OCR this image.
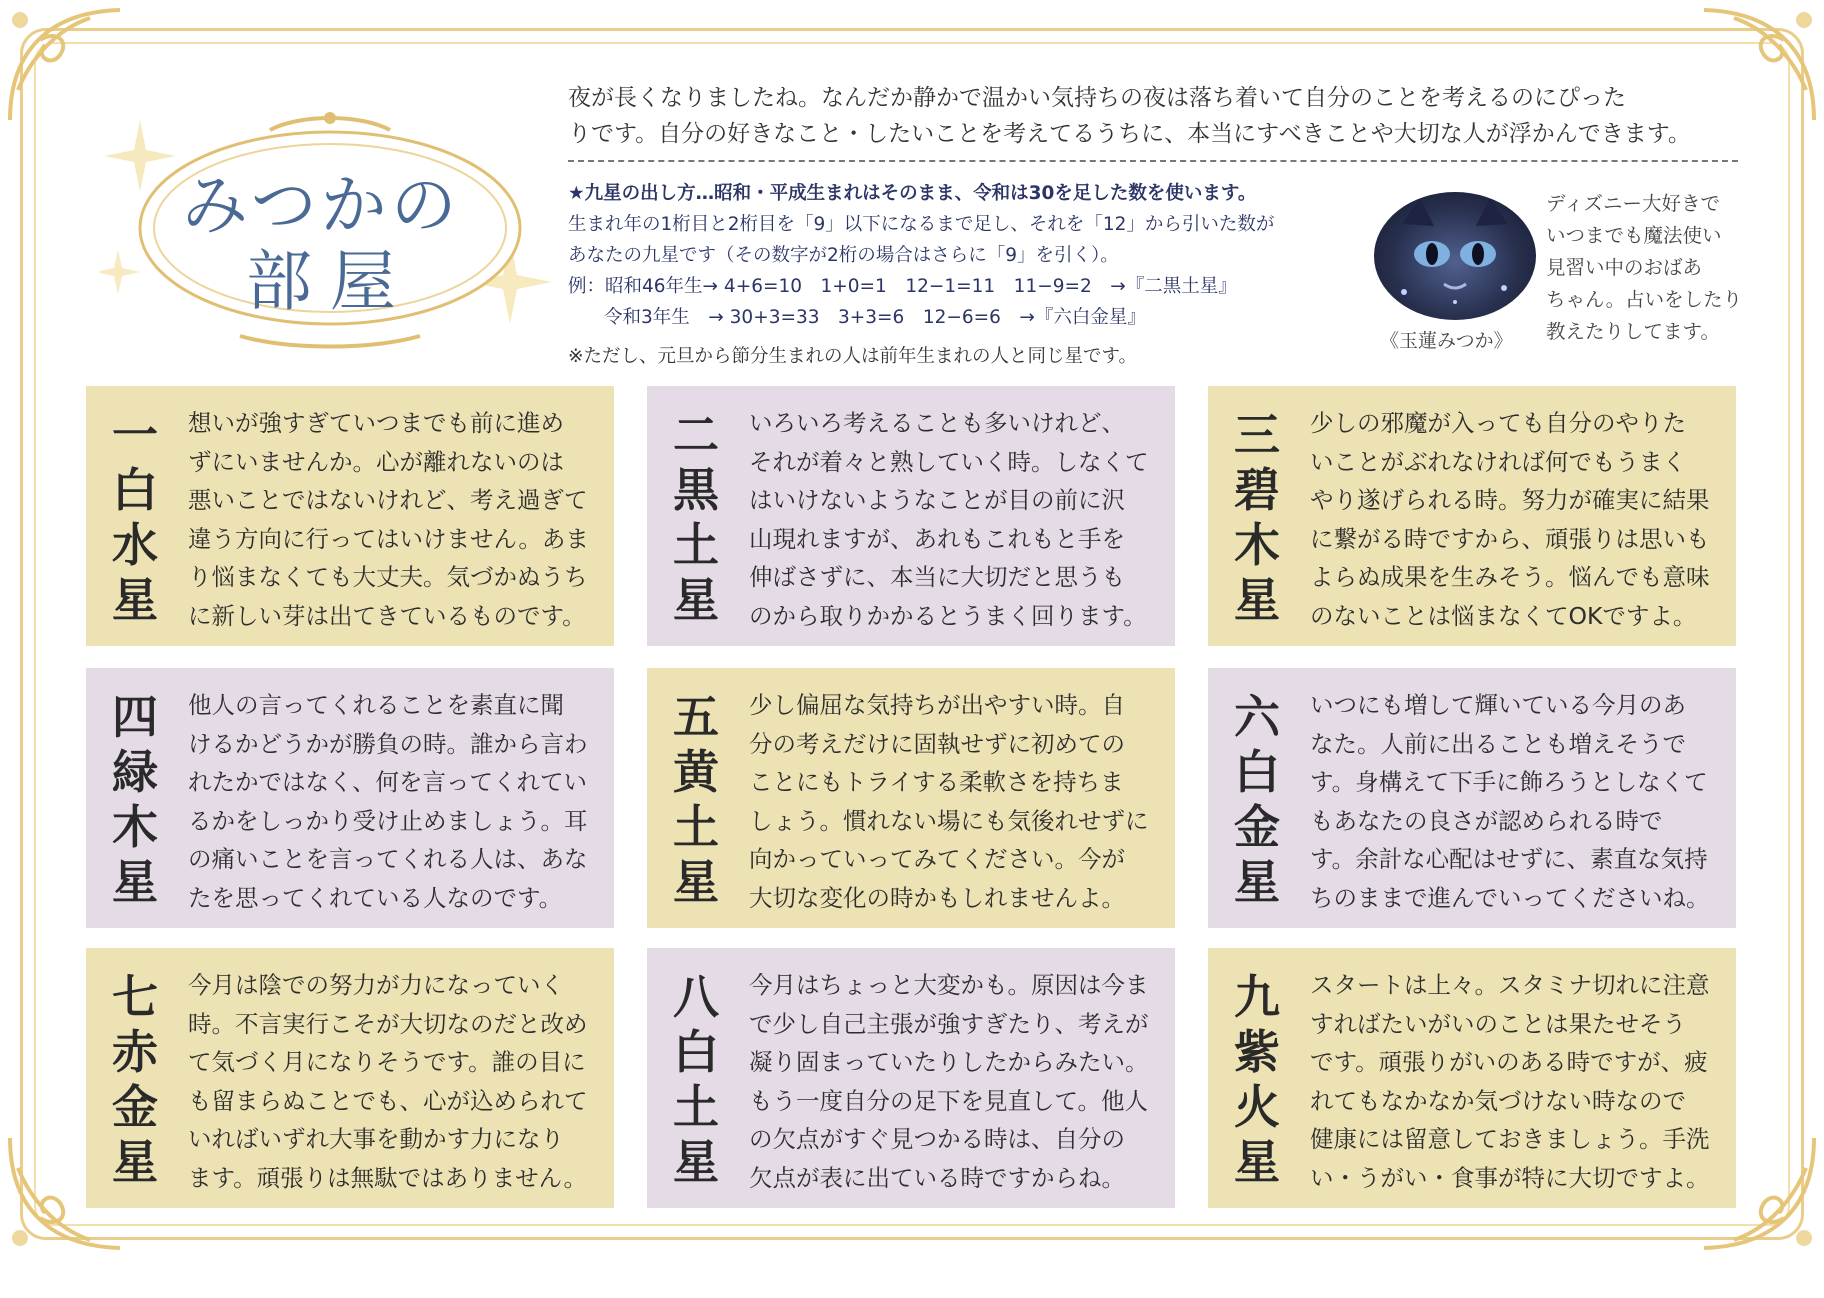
みつかの
部屋

夜が長くなりましたね。なんだか静かで温かい気持ちの夜は落ち着いて自分のことを考えるのにぴった

りです。自分の好きなこと・したいことを考えてるうちに、本当にすべきことや大切な人が浮かんできます。

★九星の出し方…昭和・平成生まれはそのまま、令和は30を足した数を使います。

生まれ年の1桁目と2桁目を「9」以下になるまで足し、それを「12」から引いた数が

あなたの九星です（その数字が2桁の場合はさらに「9」を引く）。

例：昭和46年生→ 4+6=10　1+0=1　12−1=11　11−9=2　→『二黒土星』

令和3年生　→ 30+3=33　3+3=6　12−6=6　→『六白金星』

※ただし、元旦から節分生まれの人は前年生まれの人と同じ星です。
《玉蓮みつか》

ディズニー大好きで

いつまでも魔法使い

見習い中のおばあ

ちゃん。占いをしたり

教えたりしてます。

一白水星

想いが強すぎていつまでも前に進め

ずにいませんか。心が離れないのは

悪いことではないけれど、考え過ぎて

違う方向に行ってはいけません。あま

り悩まなくても大丈夫。気づかぬうち

に新しい芽は出てきているものです。

二黒土星

いろいろ考えることも多いけれど、

それが着々と熟していく時。しなくて

はいけないようなことが目の前に沢

山現れますが、あれもこれもと手を

伸ばさずに、本当に大切だと思うも

のから取りかかるとうまく回ります。

三碧木星

少しの邪魔が入っても自分のやりた

いことがぶれなければ何でもうまく

やり遂げられる時。努力が確実に結果

に繋がる時ですから、頑張りは思いも

よらぬ成果を生みそう。悩んでも意味

のないことは悩まなくてOKですよ。

四緑木星

他人の言ってくれることを素直に聞

けるかどうかが勝負の時。誰から言わ

れたかではなく、何を言ってくれてい

るかをしっかり受け止めましょう。耳

の痛いことを言ってくれる人は、あな

たを思ってくれている人なのです。

五黄土星

少し偏屈な気持ちが出やすい時。自

分の考えだけに固執せずに初めての

ことにもトライする柔軟さを持ちま

しょう。慣れない場にも気後れせずに

向かっていってみてください。今が

大切な変化の時かもしれませんよ。

六白金星

いつにも増して輝いている今月のあ

なた。人前に出ることも増えそうで

す。身構えて下手に飾ろうとしなくて

もあなたの良さが認められる時で

す。余計な心配はせずに、素直な気持

ちのままで進んでいってくださいね。

七赤金星

今月は陰での努力が力になっていく

時。不言実行こそが大切なのだと改め

て気づく月になりそうです。誰の目に

も留まらぬことでも、心が込められて

いればいずれ大事を動かす力になり

ます。頑張りは無駄ではありません。

八白土星

今月はちょっと大変かも。原因は今ま

で少し自己主張が強すぎたり、考えが

凝り固まっていたりしたからみたい。

もう一度自分の足下を見直して。他人

の欠点がすぐ見つかる時は、自分の

欠点が表に出ている時ですからね。

九紫火星

スタートは上々。スタミナ切れに注意

すればたいがいのことは果たせそう

です。頑張りがいのある時ですが、疲

れてもなかなか気づけない時なので

健康には留意しておきましょう。手洗

い・うがい・食事が特に大切ですよ。
